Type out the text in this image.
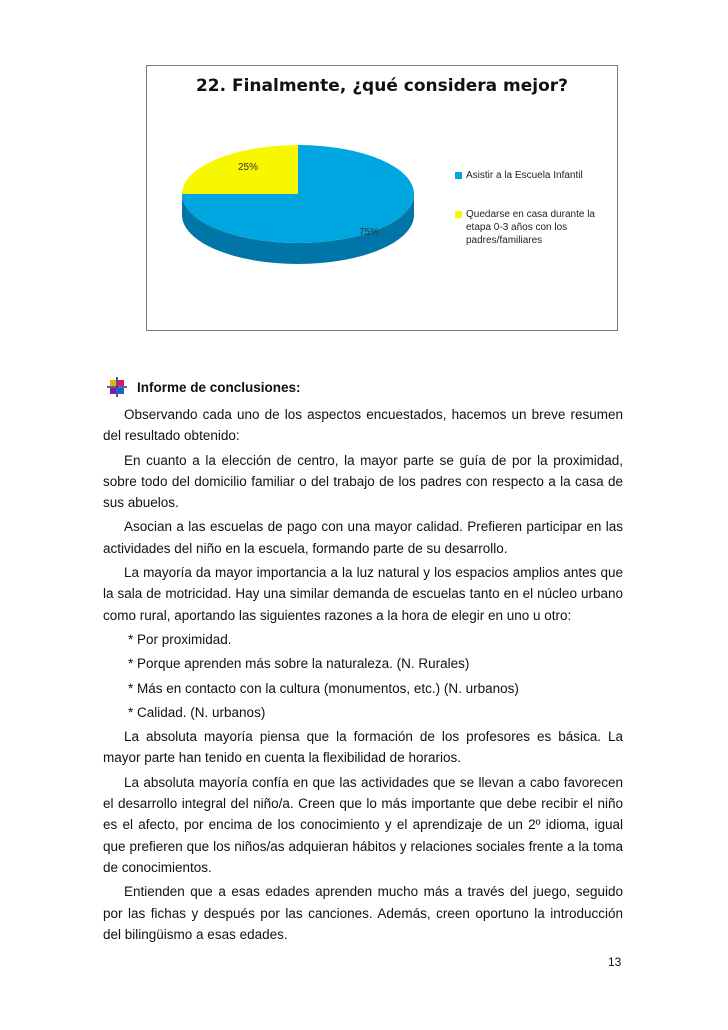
22. Finalmente, ¿qué considera mejor?
75%
25%
Asistir a la Escuela Infantil
Quedarse en casa durante la
etapa 0-3 años con los
padres/familiares
Informe de conclusiones:

Observando cada uno de los aspectos encuestados, hacemos un breve resumen del resultado obtenido:

En cuanto a la elección de centro, la mayor parte se guía de por la proximidad, sobre todo del domicilio familiar o del trabajo de los padres con respecto a la casa de sus abuelos.

Asocian a las escuelas de pago con una mayor calidad. Prefieren participar en las actividades del niño en la escuela, formando parte de su desarrollo.

La mayoría da mayor importancia a la luz natural y los espacios amplios antes que la sala de motricidad. Hay una similar demanda de escuelas tanto en el núcleo urbano como rural, aportando las siguientes razones a la hora de elegir en uno u otro:

* Por proximidad.

* Porque aprenden más sobre la naturaleza. (N. Rurales)

* Más en contacto con la cultura (monumentos, etc.) (N. urbanos)

* Calidad. (N. urbanos)

La absoluta mayoría piensa que la formación de los profesores es básica. La mayor parte han tenido en cuenta la flexibilidad de horarios.

La absoluta mayoría confía en que las actividades que se llevan a cabo favorecen el desarrollo integral del niño/a. Creen que lo más importante que debe recibir el niño es el afecto, por encima de los conocimiento y el aprendizaje de un 2º idioma, igual que prefieren que los niños/as adquieran hábitos y relaciones sociales frente a la toma de conocimientos.

Entienden que a esas edades aprenden mucho más a través del juego, seguido por las fichas y después por las canciones. Además, creen oportuno la introducción del bilingüismo a esas edades.

13
